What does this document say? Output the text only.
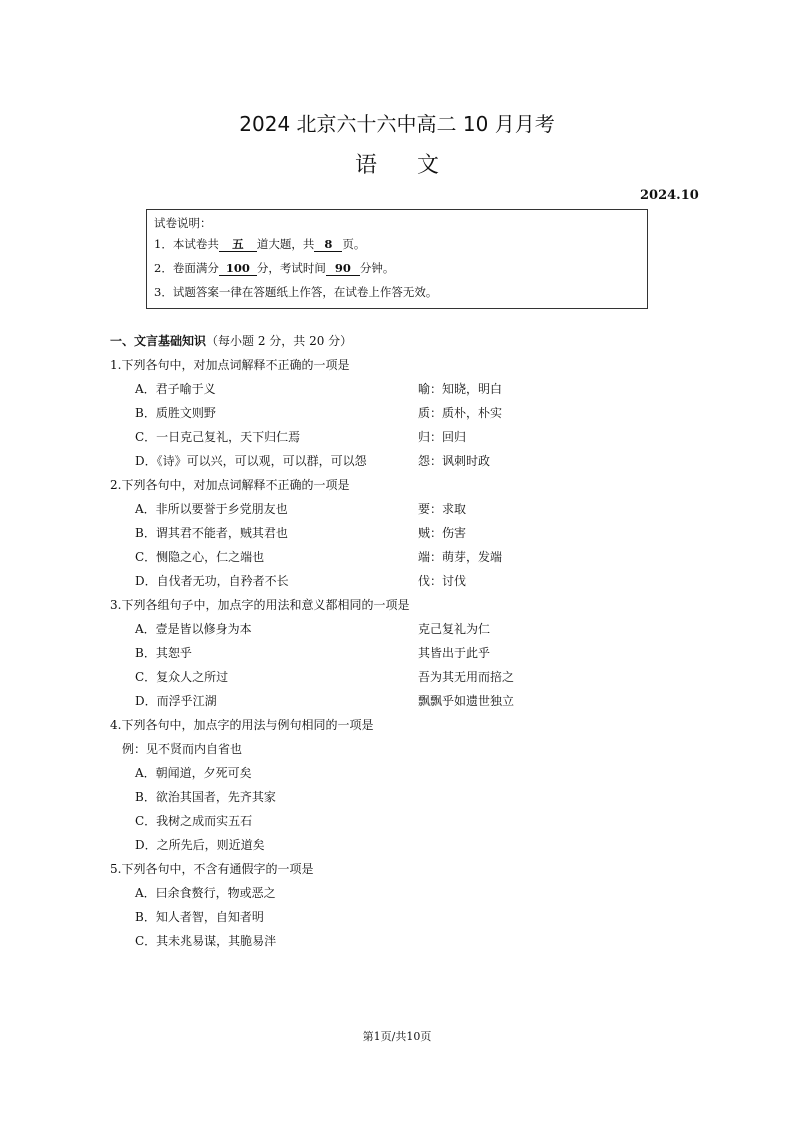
2024 北京六十六中高二 10 月月考
语文
2024.10
试卷说明：
1．本试卷共 五 道大题，共 8 页。
2．卷面满分 100 分，考试时间 90 分钟。
3．试题答案一律在答题纸上作答，在试卷上作答无效。
一、文言基础知识（每小题 2 分，共 20 分）
1.下列各句中，对加点词解释不正确的一项是
A．君子喻于义	喻：知晓，明白
B．质胜文则野	质：质朴，朴实
C．一日克己复礼，天下归仁焉	归：回归
D．《诗》可以兴，可以观，可以群，可以怨	怨：讽刺时政
2.下列各句中，对加点词解释不正确的一项是
A．非所以要誉于乡党朋友也	要：求取
B．谓其君不能者，贼其君也	贼：伤害
C．恻隐之心，仁之端也	端：萌芽，发端
D．自伐者无功，自矜者不长	伐：讨伐
3.下列各组句子中，加点字的用法和意义都相同的一项是
A．壹是皆以修身为本	克己复礼为仁
B．其恕乎	其皆出于此乎
C．复众人之所过	吾为其无用而掊之
D．而浮乎江湖	飘飘乎如遗世独立
4.下列各句中，加点字的用法与例句相同的一项是
例：见不贤而内自省也
A．朝闻道，夕死可矣
B．欲治其国者，先齐其家
C．我树之成而实五石
D．之所先后，则近道矣
5.下列各句中，不含有通假字的一项是
A．曰余食赘行，物或恶之
B．知人者智，自知者明
C．其未兆易谋，其脆易泮
第1页/共10页
